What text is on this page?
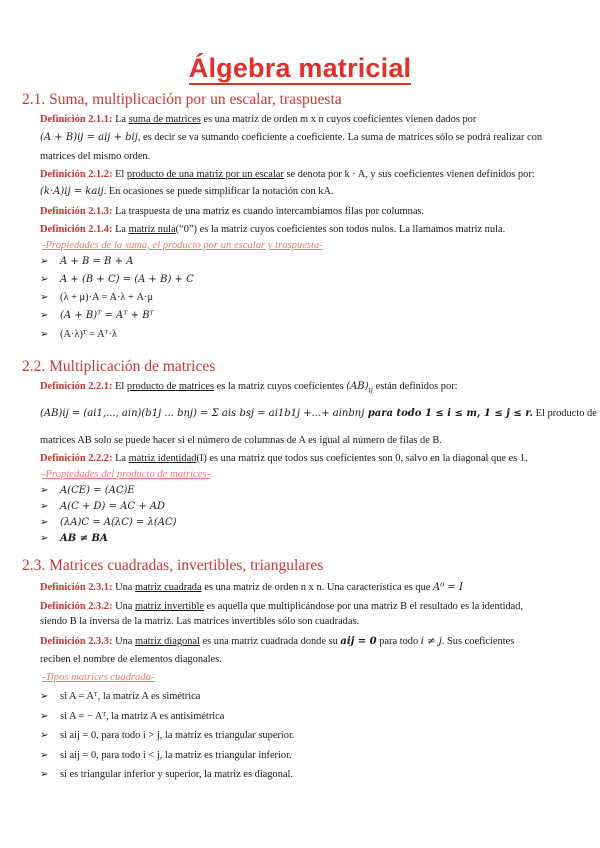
Álgebra matricial
2.1. Suma, multiplicación por un escalar, traspuesta
Definición 2.1.1: La suma de matrices es una matriz de orden m x n cuyos coeficientes vienen dados por
(A + B)ij = aij + bij, es decir se va sumando coeficiente a coeficiente. La suma de matrices sólo se podrá realizar con
matrices del mismo orden.
Definición 2.1.2: El producto de una matriz por un escalar se denota por k · A, y sus coeficientes vienen definidos por:
(k·A)ij = kaij. En ocasiones se puede simplificar la notación con kA.
Definición 2.1.3: La traspuesta de una matriz es cuando intercambiamos filas por columnas.
Definición 2.1.4: La matriz nula(“0”) es la matriz cuyos coeficientes son todos nulos. La llamamos matriz nula.
-Propiedades de la suma, el producto por un escalar y traspuesta-
➢ A + B = B + A
➢ A + (B + C) = (A + B) + C
➢ (λ + μ)·A = A·λ + A·μ
➢ (A + B)ᵀ = Aᵀ + Bᵀ
➢ (A·λ)ᵀ = Aᵀ·λ
2.2. Multiplicación de matrices
Definición 2.2.1: El producto de matrices es la matriz cuyos coeficientes $(AB)_{ij}$ están definidos por:
(AB)ij = (ai1,..., ain)(b1j ... bnj) = Σ ais bsj = ai1b1j +...+ ainbnj para todo 1 ≤ i ≤ m, 1 ≤ j ≤ r. El producto de
matrices AB solo se puede hacer si el número de columnas de A es igual al número de filas de B.
Definición 2.2.2: La matriz identidad(I) es una matriz que todos sus coeficientes son 0, salvo en la diagonal que es 1.
-Propiedades del producto de matrices-
➢ A(CE) = (AC)E
➢ A(C + D) = AC + AD
➢ (λA)C = A(λC) = λ(AC)
➢ AB ≠ BA
2.3. Matrices cuadradas, invertibles, triangulares
Definición 2.3.1: Una matriz cuadrada es una matriz de orden n x n. Una característica es que A⁰ = I
Definición 2.3.2: Una matriz invertible es aquella que multiplicándose por una matriz B el resultado es la identidad,
siendo B la inversa de la matriz. Las matrices invertibles sólo son cuadradas.
Definición 2.3.3: Una matriz diagonal es una matriz cuadrada donde su aij = 0 para todo i ≠ j. Sus coeficientes
reciben el nombre de elementos diagonales.
-Tipos matrices cuadrada-
➢ si A = Aᵀ, la matriz A es simétrica
➢ si A = − Aᵀ, la matriz A es antisimétrica
➢ si aij = 0, para todo i > j, la matriz es triangular superior.
➢ si aij = 0, para todo i < j, la matriz es triangular inferior.
➢ si es triangular inferior y superior, la matriz es diagonal.
